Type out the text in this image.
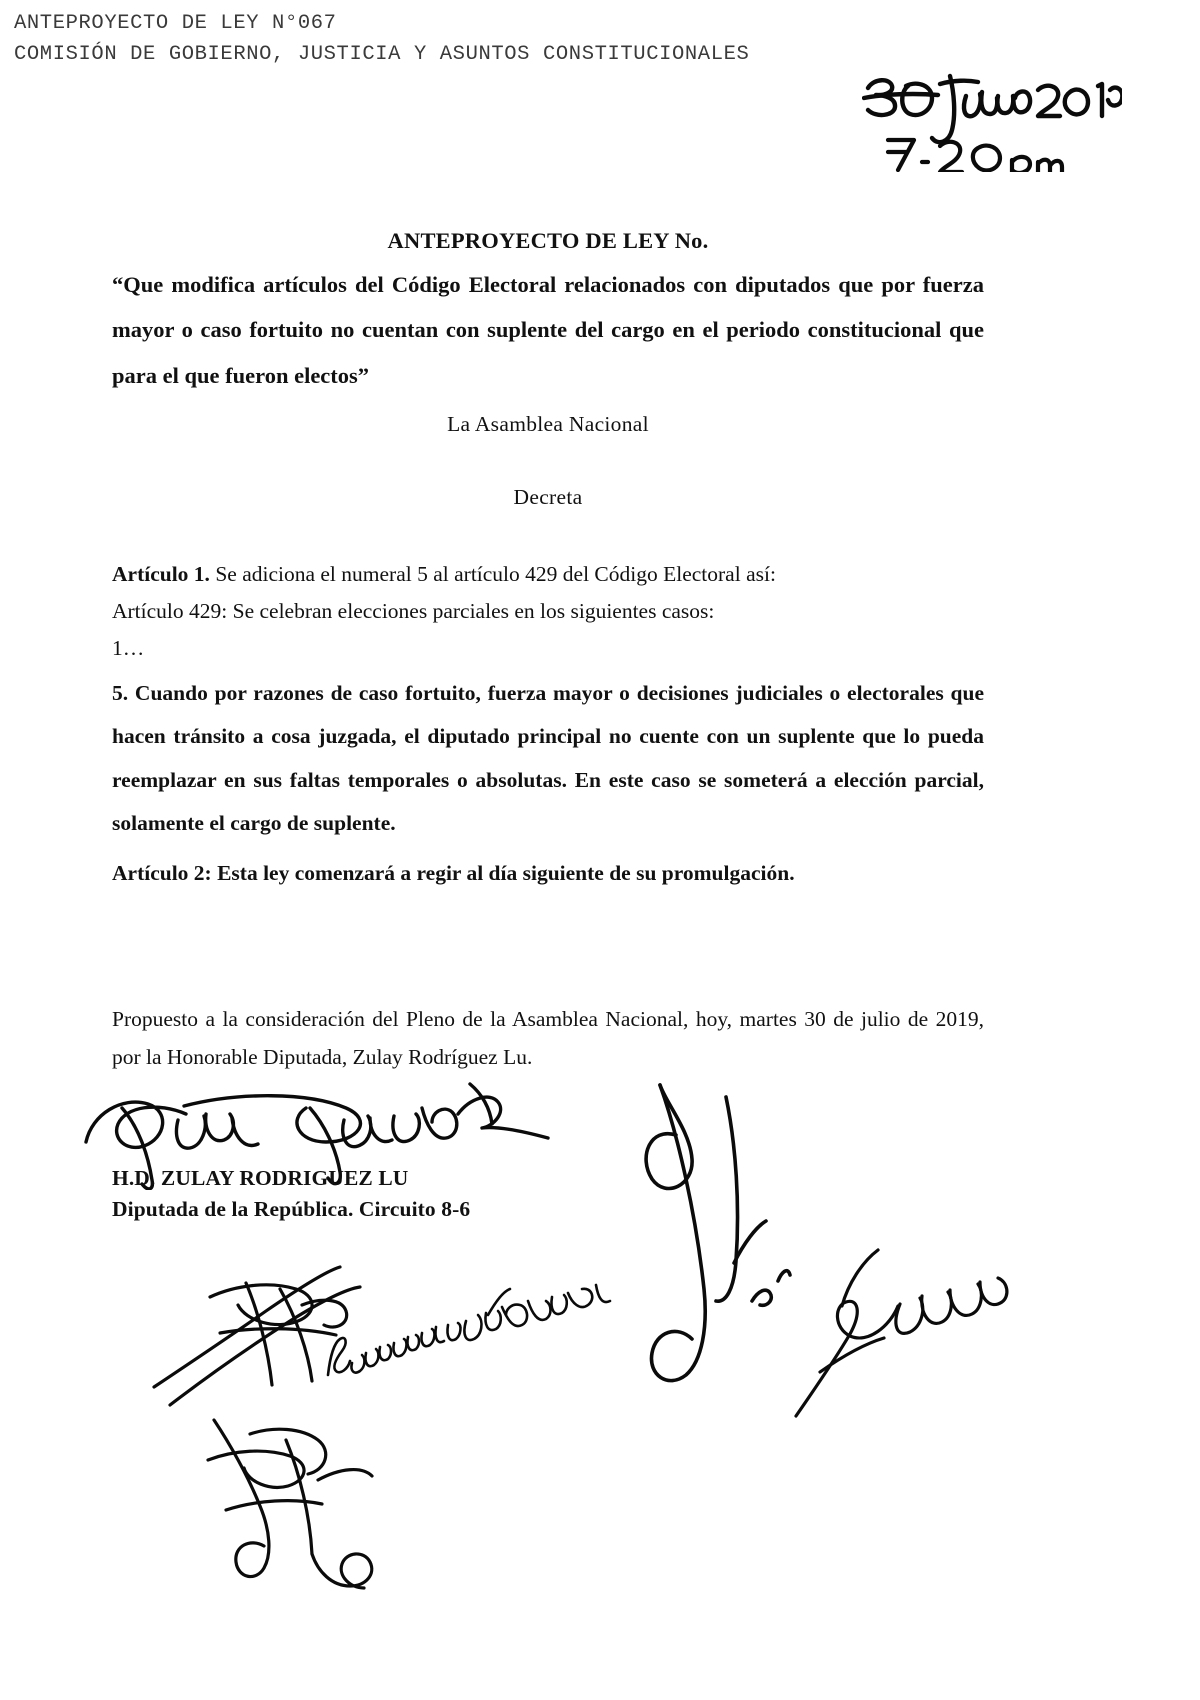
ANTEPROYECTO DE LEY N°067
COMISIÓN DE GOBIERNO, JUSTICIA Y ASUNTOS CONSTITUCIONALES
ANTEPROYECTO DE LEY No.
“Que modifica artículos del Código Electoral relacionados con diputados que por fuerza mayor o caso fortuito no cuentan con suplente del cargo en el periodo constitucional que para el que fueron electos”
La Asamblea Nacional
Decreta
Artículo 1. Se adiciona el numeral 5 al artículo 429 del Código Electoral así:
Artículo 429: Se celebran elecciones parciales en los siguientes casos:
1…
5. Cuando por razones de caso fortuito, fuerza mayor o decisiones judiciales o electorales que hacen tránsito a cosa juzgada, el diputado principal no cuente con un suplente que lo pueda reemplazar en sus faltas temporales o absolutas. En este caso se someterá a elección parcial, solamente el cargo de suplente.
Artículo 2: Esta ley comenzará a regir al día siguiente de su promulgación.
Propuesto a la consideración del Pleno de la Asamblea Nacional, hoy, martes 30 de julio de 2019, por la Honorable Diputada, Zulay Rodríguez Lu.
H.D. ZULAY RODRIGUEZ LU
Diputada de la República. Circuito 8-6
